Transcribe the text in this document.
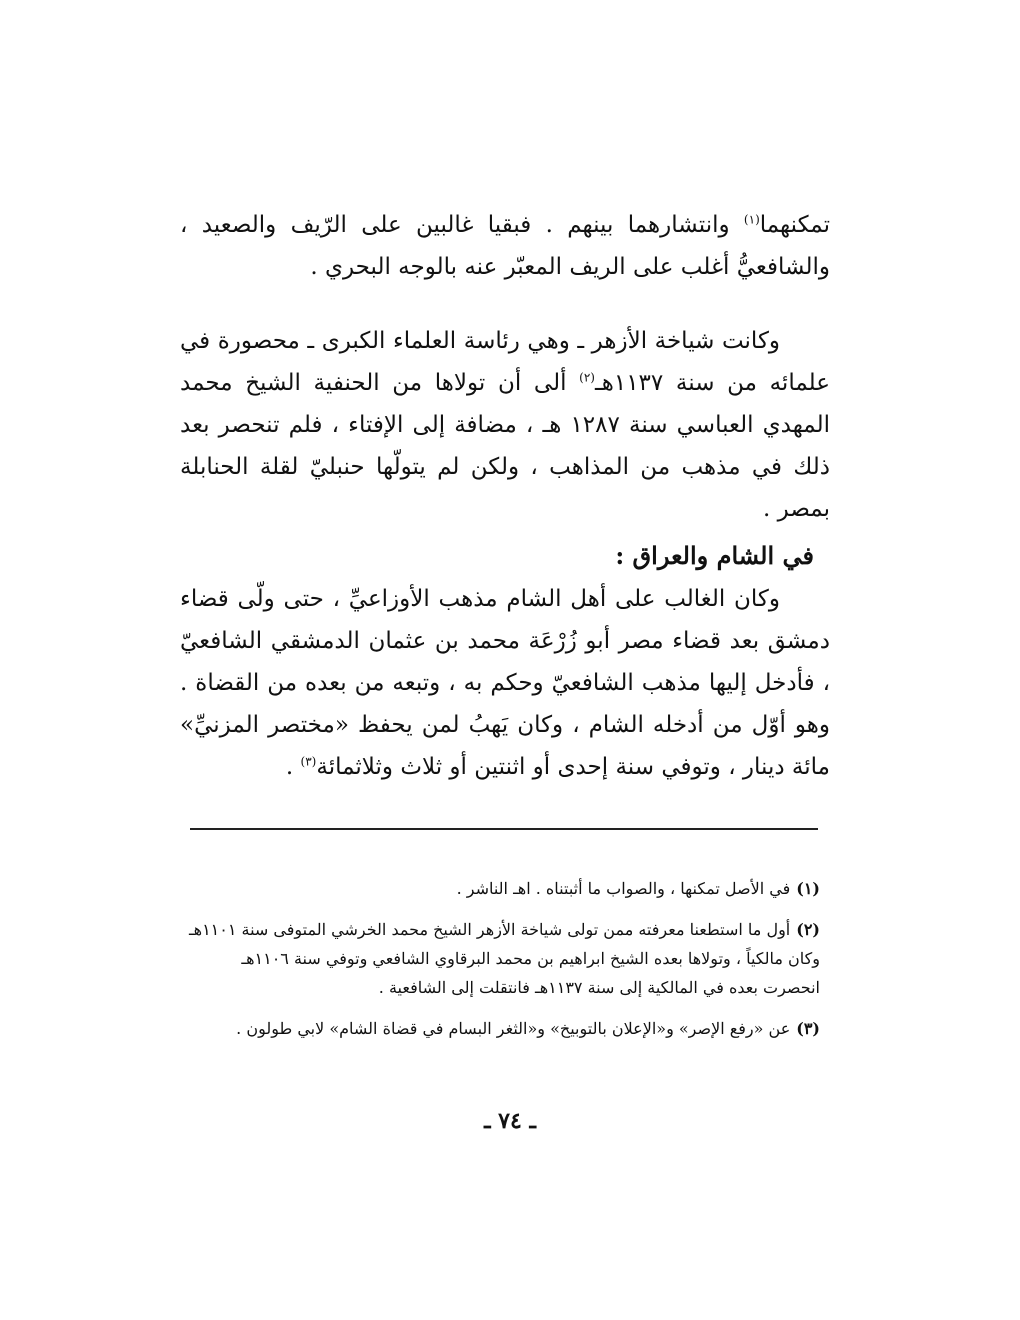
تمكنهما$^{(١)}$ وانتشارهما بينهم . فبقيا غالبين على الرّيف والصعيد ، والشافعيُّ أغلب على الريف المعبّر عنه بالوجه البحري .

وكانت شياخة الأزهر ـ وهي رئاسة العلماء الكبرى ـ محصورة في علمائه من سنة ١١٣٧هـ$^{(٢)}$ ألى أن تولاها من الحنفية الشيخ محمد المهدي العباسي سنة ١٢٨٧ هـ ، مضافة إلى الإفتاء ، فلم تنحصر بعد ذلك في مذهب من المذاهب ، ولكن لم يتولّها حنبليّ لقلة الحنابلة بمصر .

في الشام والعراق :

وكان الغالب على أهل الشام مذهب الأوزاعيِّ ، حتى ولّى قضاء دمشق بعد قضاء مصر أبو زُرْعَة محمد بن عثمان الدمشقي الشافعيّ ، فأدخل إليها مذهب الشافعيّ وحكم به ، وتبعه من بعده من القضاة . وهو أوّل من أدخله الشام ، وكان يَهبُ لمن يحفظ «مختصر المزنيِّ» مائة دينار ، وتوفي سنة إحدى أو اثنتين أو ثلاث وثلاثمائة$^{(٣)}$ .

(١)في الأصل تمكنها ، والصواب ما أثبتناه . اهـ الناشر .

(٢)أول ما استطعنا معرفته ممن تولى شياخة الأزهر الشيخ محمد الخرشي المتوفى سنة ١١٠١هـ وكان مالكياً ، وتولاها بعده الشيخ ابراهيم بن محمد البرقاوي الشافعي وتوفي سنة ١١٠٦هـ انحصرت بعده في المالكية إلى سنة ١١٣٧هـ فانتقلت إلى الشافعية .

(٣)عن «رفع الإصر» و«الإعلان بالتوبيخ» و«الثغر البسام في قضاة الشام» لابي طولون .

ـ ٧٤ ـ
